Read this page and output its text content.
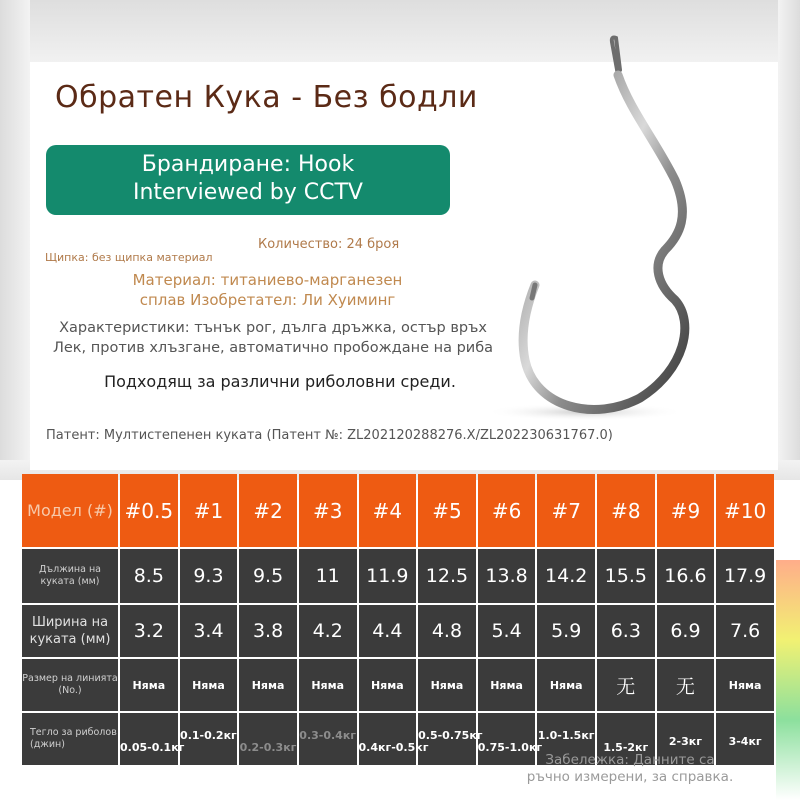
Обратен Кука - Без бодли
Брандиране: Hook
Interviewed by CCTV
Количество: 24 броя
Щипка: без щипка материал
Материал: титаниево-марганезен
сплав Изобретател: Ли Хуиминг
Характеристики: тънък рог, дълга дръжка, остър връх
Лек, против хлъзгане, автоматично пробождане на риба
Подходящ за различни риболовни среди.
Патент: Мултистепенен куката (Патент №: ZL202120288276.X/ZL202230631767.0)
Модел (#)	#0.5	#1	#2	#3	#4	#5	#6	#7	#8	#9	#10
Дължина на куката (мм)	8.5	9.3	9.5	11	11.9	12.5	13.8	14.2	15.5	16.6	17.9
Ширина на куката (мм)	3.2	3.4	3.8	4.2	4.4	4.8	5.4	5.9	6.3	6.9	7.6
Размер на линията (No.)	Няма	Няма	Няма	Няма	Няма	Няма	Няма	Няма	无	无	Няма
Тегло за риболов (джин)	0.05-0.1кг	0.1-0.2кг	0.2-0.3кг	0.3-0.4кг	0.4кг-0.5кг	0.5-0.75кг	0.75-1.0кг	1.0-1.5кг	1.5-2кг	2-3кг	3-4кг
Забележка: Данните са
ръчно измерени, за справка.
